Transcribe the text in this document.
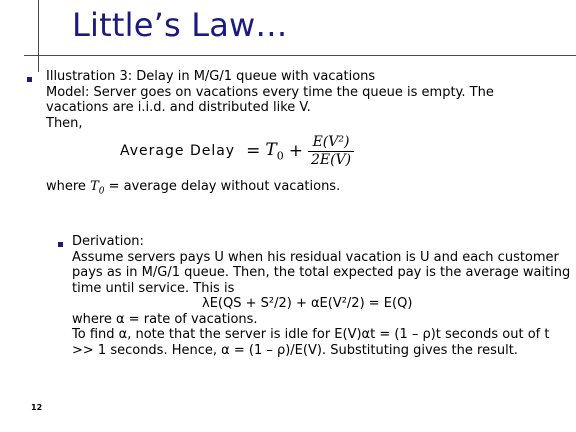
Little’s Law…
Illustration 3: Delay in M/G/1 queue with vacations
Model: Server goes on vacations every time the queue is empty. The
vacations are i.i.d. and distributed like V.
Then,
Average Delay = $T_0 + \frac{\text{E(V²)}}{2E(V)}$
where $T_0$ = average delay without vacations.
Derivation:
Assume servers pays U when his residual vacation is U and each customer
pays as in M/G/1 queue. Then, the total expected pay is the average waiting
time until service. This is
λE(QS + S²/2) + αE(V²/2) = E(Q)
where α = rate of vacations.
To find α, note that the server is idle for E(V)αt = (1 – ρ)t seconds out of t
>> 1 seconds. Hence, α = (1 – ρ)/E(V). Substituting gives the result.
12
